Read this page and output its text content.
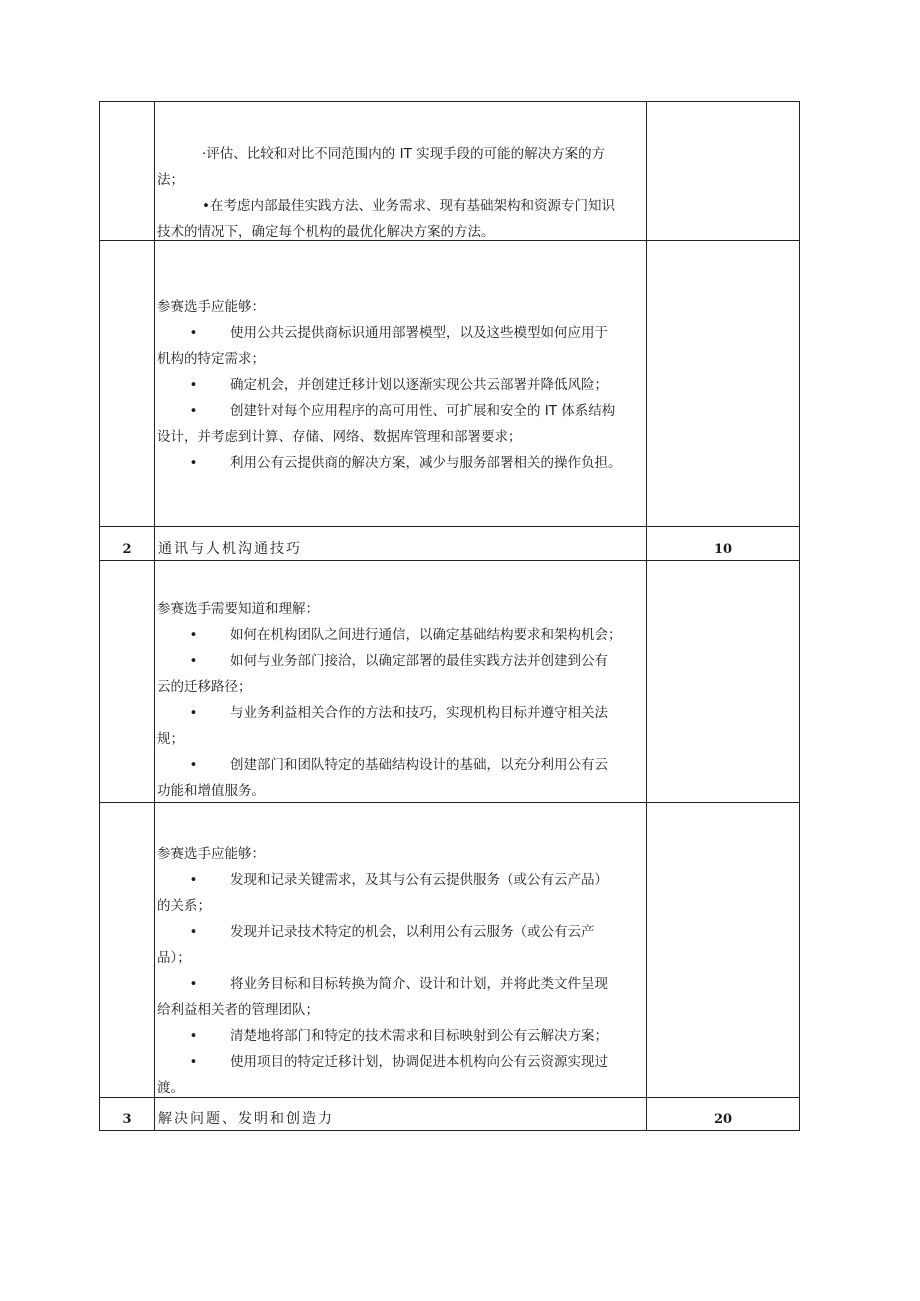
·评估、比较和对比不同范围内的 IT 实现手段的可能的解决方案的方
法；
•在考虑内部最佳实践方法、业务需求、现有基础架构和资源专门知识
技术的情况下，确定每个机构的最优化解决方案的方法。
参赛选手应能够：
• 使用公共云提供商标识通用部署模型，以及这些模型如何应用于
机构的特定需求；
• 确定机会，并创建迁移计划以逐渐实现公共云部署并降低风险；
• 创建针对每个应用程序的高可用性、可扩展和安全的 IT 体系结构
设计，并考虑到计算、存储、网络、数据库管理和部署要求；
• 利用公有云提供商的解决方案，减少与服务部署相关的操作负担。
2	通讯与人机沟通技巧	10
参赛选手需要知道和理解：
• 如何在机构团队之间进行通信，以确定基础结构要求和架构机会；
• 如何与业务部门接洽，以确定部署的最佳实践方法并创建到公有
云的迁移路径；
• 与业务利益相关合作的方法和技巧，实现机构目标并遵守相关法
规；
• 创建部门和团队特定的基础结构设计的基础，以充分利用公有云
功能和增值服务。
参赛选手应能够：
• 发现和记录关键需求，及其与公有云提供服务（或公有云产品）
的关系；
• 发现并记录技术特定的机会，以利用公有云服务（或公有云产
品）；
• 将业务目标和目标转换为简介、设计和计划，并将此类文件呈现
给利益相关者的管理团队；
• 清楚地将部门和特定的技术需求和目标映射到公有云解决方案；
• 使用项目的特定迁移计划，协调促进本机构向公有云资源实现过
渡。
3	解决问题、发明和创造力	20
